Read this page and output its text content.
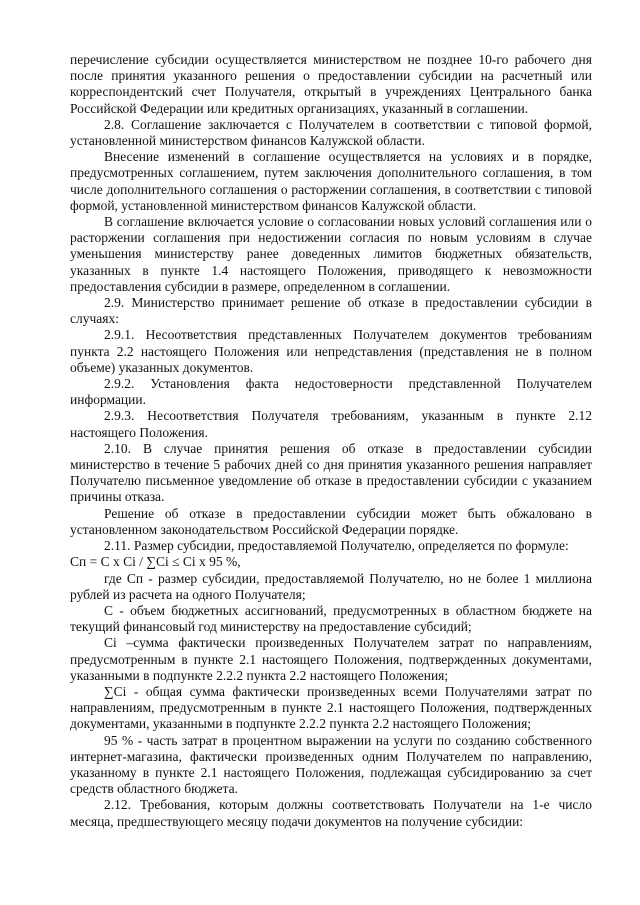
перечисление субсидии осуществляется министерством не позднее 10-го рабочего дня после принятия указанного решения о предоставлении субсидии на расчетный или корреспондентский счет Получателя, открытый в учреждениях Центрального банка Российской Федерации или кредитных организациях, указанный в соглашении.

2.8. Соглашение заключается с Получателем в соответствии с типовой формой, установленной министерством финансов Калужской области.

Внесение изменений в соглашение осуществляется на условиях и в порядке, предусмотренных соглашением, путем заключения дополнительного соглашения, в том числе дополнительного соглашения о расторжении соглашения, в соответствии с типовой формой, установленной министерством финансов Калужской области.

В соглашение включается условие о согласовании новых условий соглашения или о расторжении соглашения при недостижении согласия по новым условиям в случае уменьшения министерству ранее доведенных лимитов бюджетных обязательств, указанных в пункте 1.4 настоящего Положения, приводящего к невозможности предоставления субсидии в размере, определенном в соглашении.

2.9. Министерство принимает решение об отказе в предоставлении субсидии в случаях:

2.9.1. Несоответствия представленных Получателем документов требованиям пункта 2.2 настоящего Положения или непредставления (представления не в полном объеме) указанных документов.

2.9.2. Установления факта недостоверности представленной Получателем информации.

2.9.3. Несоответствия Получателя требованиям, указанным в пункте 2.12 настоящего Положения.

2.10. В случае принятия решения об отказе в предоставлении субсидии министерство в течение 5 рабочих дней со дня принятия указанного решения направляет Получателю письменное уведомление об отказе в предоставлении субсидии с указанием причины отказа.

Решение об отказе в предоставлении субсидии может быть обжаловано в установленном законодательством Российской Федерации порядке.

2.11. Размер субсидии, предоставляемой Получателю, определяется по формуле:

Сп = С х Ci / ∑Ci ≤ Ci х 95 %,

где Сп - размер субсидии, предоставляемой Получателю, но не более 1 миллиона рублей из расчета на одного Получателя;

С - объем бюджетных ассигнований, предусмотренных в областном бюджете на текущий финансовый год министерству на предоставление субсидий;

Ci –сумма фактически произведенных Получателем затрат по направлениям, предусмотренным в пункте 2.1 настоящего Положения, подтвержденных документами, указанными в подпункте 2.2.2 пункта 2.2 настоящего Положения;

∑Ci - общая сумма фактически произведенных всеми Получателями затрат по направлениям, предусмотренным в пункте 2.1 настоящего Положения, подтвержденных документами, указанными в подпункте 2.2.2 пункта 2.2 настоящего Положения;

95 % - часть затрат в процентном выражении на услуги по созданию собственного интернет-магазина, фактически произведенных одним Получателем по направлению, указанному в пункте 2.1 настоящего Положения, подлежащая субсидированию за счет средств областного бюджета.

2.12. Требования, которым должны соответствовать Получатели на 1-е число месяца, предшествующего месяцу подачи документов на получение субсидии:
